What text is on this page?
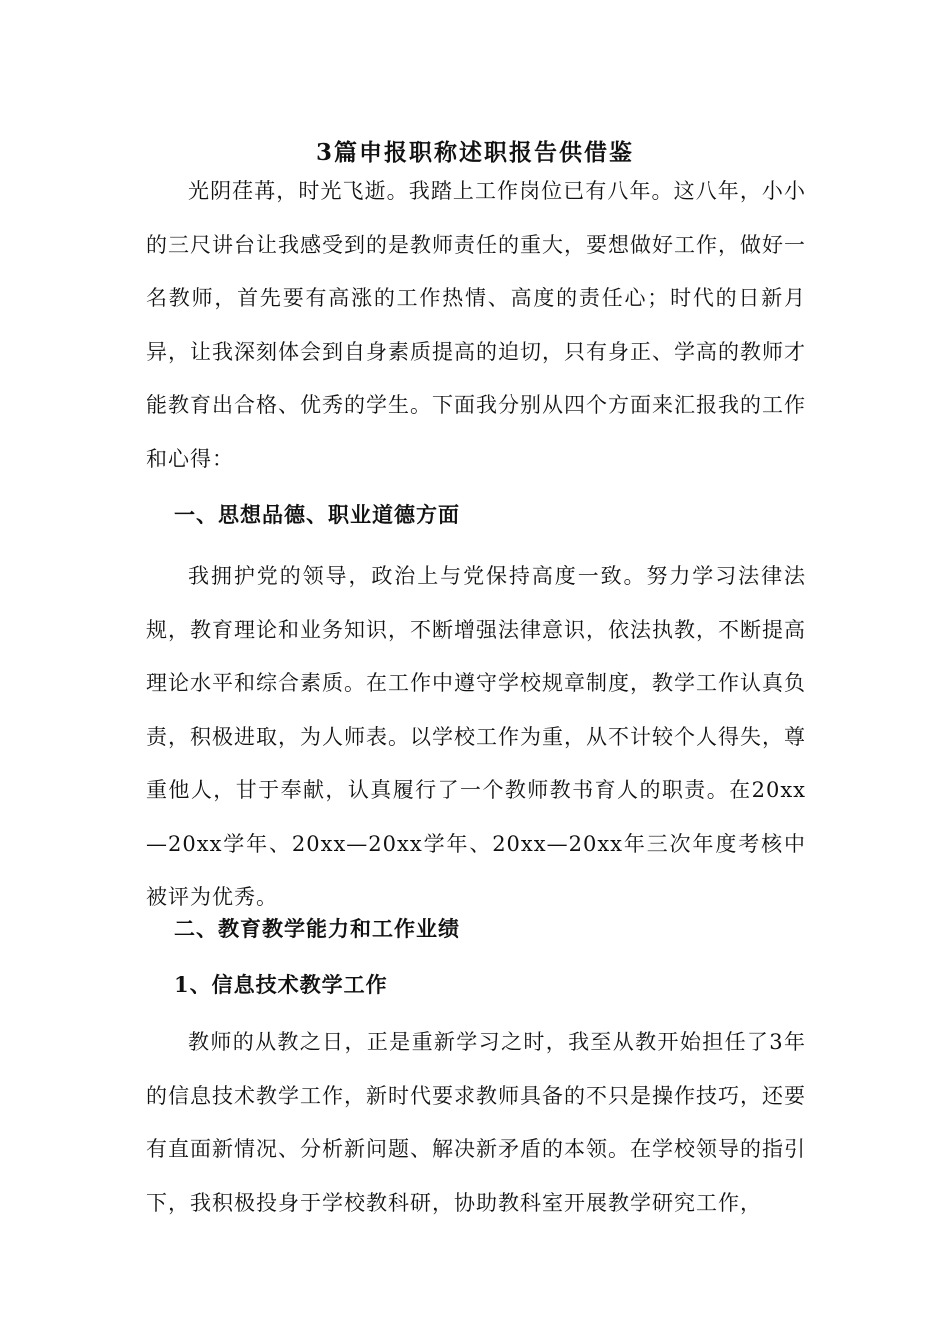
3篇申报职称述职报告供借鉴
光阴荏苒，时光飞逝。我踏上工作岗位已有八年。这八年，小小的三尺讲台让我感受到的是教师责任的重大，要想做好工作，做好一名教师，首先要有高涨的工作热情、高度的责任心；时代的日新月异，让我深刻体会到自身素质提高的迫切，只有身正、学高的教师才能教育出合格、优秀的学生。下面我分别从四个方面来汇报我的工作和心得：
一、思想品德、职业道德方面
我拥护党的领导，政治上与党保持高度一致。努力学习法律法规，教育理论和业务知识，不断增强法律意识，依法执教，不断提高理论水平和综合素质。在工作中遵守学校规章制度，教学工作认真负责，积极进取，为人师表。以学校工作为重，从不计较个人得失，尊重他人，甘于奉献，认真履行了一个教师教书育人的职责。在20xx—20xx学年、20xx—20xx学年、20xx—20xx年三次年度考核中被评为优秀。
二、教育教学能力和工作业绩
1、信息技术教学工作
教师的从教之日，正是重新学习之时，我至从教开始担任了3年的信息技术教学工作，新时代要求教师具备的不只是操作技巧，还要有直面新情况、分析新问题、解决新矛盾的本领。在学校领导的指引下，我积极投身于学校教科研，协助教科室开展教学研究工作，
